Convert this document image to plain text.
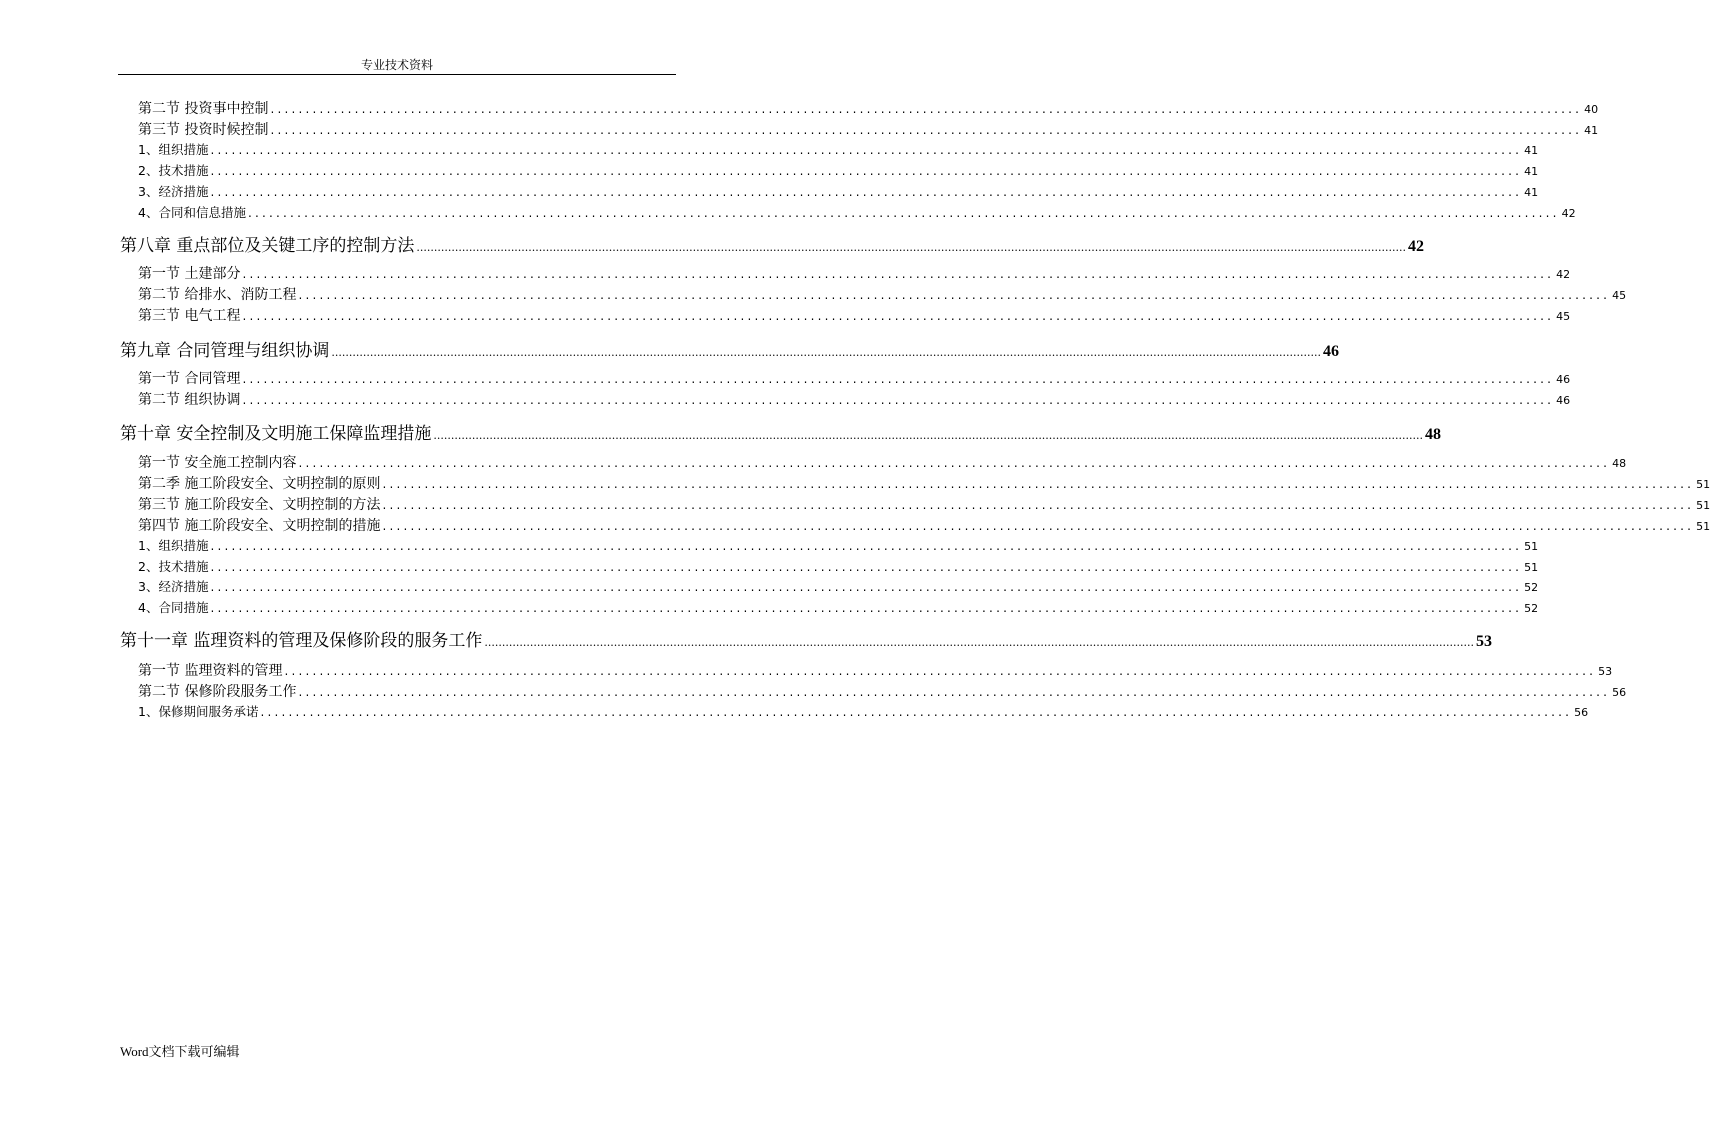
专业技术资料
第二节 投资事中控制 ........................................................................................................................................................................................... 40
第三节 投资时候控制 ........................................................................................................................................................................................... 41
1、组织措施 ........................................................................................................................................................................................... 41
2、技术措施 ........................................................................................................................................................................................... 41
3、经济措施 ........................................................................................................................................................................................... 41
4、合同和信息措施 ........................................................................................................................................................................................... 42
第八章 重点部位及关键工序的控制方法 ........................................................................................................................................................................................................................................................................................... 42
第一节 土建部分 ........................................................................................................................................................................................... 42
第二节 给排水、消防工程 ........................................................................................................................................................................................... 45
第三节 电气工程 ........................................................................................................................................................................................... 45
第九章 合同管理与组织协调 ........................................................................................................................................................................................................................................................................................... 46
第一节 合同管理 ........................................................................................................................................................................................... 46
第二节 组织协调 ........................................................................................................................................................................................... 46
第十章 安全控制及文明施工保障监理措施 ........................................................................................................................................................................................................................................................................................... 48
第一节 安全施工控制内容 ........................................................................................................................................................................................... 48
第二季 施工阶段安全、文明控制的原则 ........................................................................................................................................................................................... 51
第三节 施工阶段安全、文明控制的方法 ........................................................................................................................................................................................... 51
第四节 施工阶段安全、文明控制的措施 ........................................................................................................................................................................................... 51
1、组织措施 ........................................................................................................................................................................................... 51
2、技术措施 ........................................................................................................................................................................................... 51
3、经济措施 ........................................................................................................................................................................................... 52
4、合同措施 ........................................................................................................................................................................................... 52
第十一章 监理资料的管理及保修阶段的服务工作 ........................................................................................................................................................................................................................................................................................... 53
第一节 监理资料的管理 ........................................................................................................................................................................................... 53
第二节 保修阶段服务工作 ........................................................................................................................................................................................... 56
1、保修期间服务承诺 ........................................................................................................................................................................................... 56
Word文档下载可编辑
